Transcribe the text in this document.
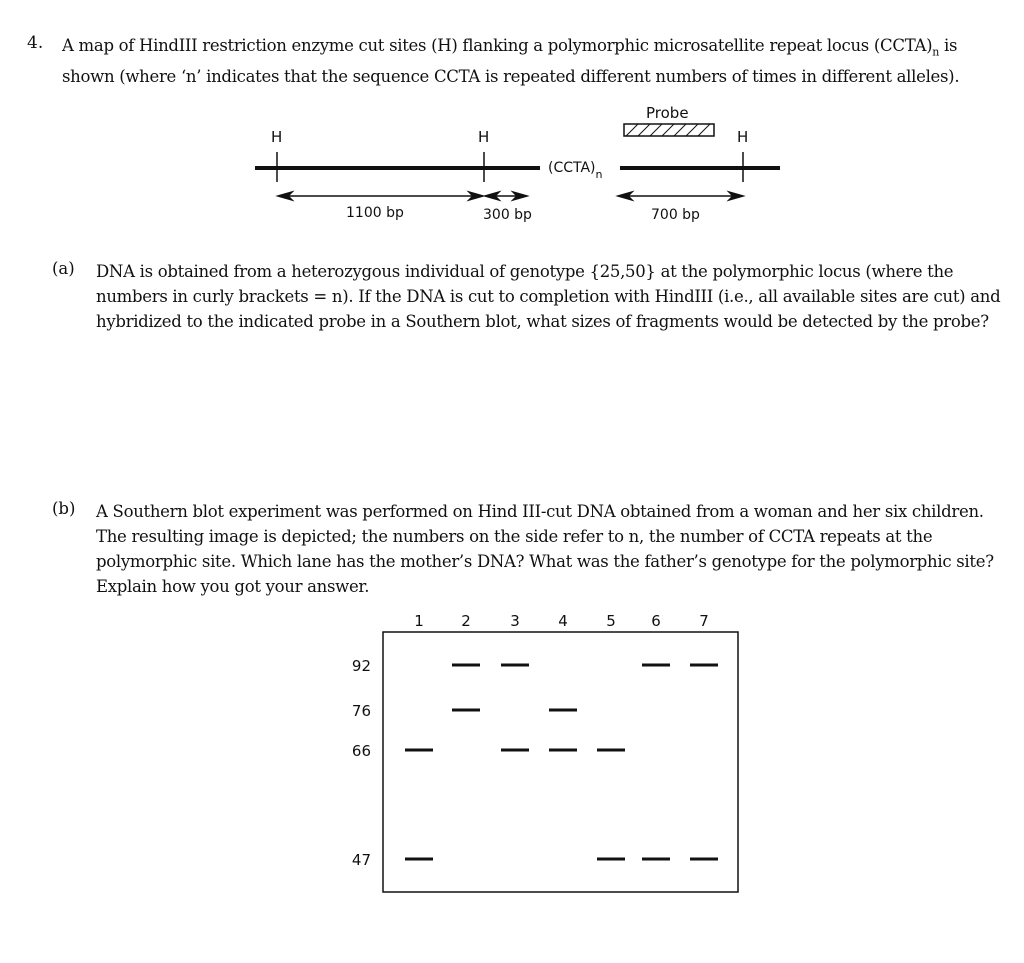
4. A map of HindIII restriction enzyme cut sites (H) flanking a polymorphic microsatellite repeat locus $(CCTA)_n$ is shown (where ‘n’ indicates that the sequence CCTA is repeated different numbers of times in different alleles).
H	H	H
Probe
$(CCTA)_n$
1100 bp	300 bp	700 bp
(a) DNA is obtained from a heterozygous individual of genotype {25,50} at the polymorphic locus (where the numbers in curly brackets = n). If the DNA is cut to completion with HindIII (i.e., all available sites are cut) and hybridized to the indicated probe in a Southern blot, what sizes of fragments would be detected by the probe?
(b) A Southern blot experiment was performed on Hind III-cut DNA obtained from a woman and her six children. The resulting image is depicted; the numbers on the side refer to n, the number of CCTA repeats at the polymorphic site. Which lane has the mother’s DNA? What was the father’s genotype for the polymorphic site? Explain how you got your answer.
1 2	3	4	5 6	7
92
76
66
47
